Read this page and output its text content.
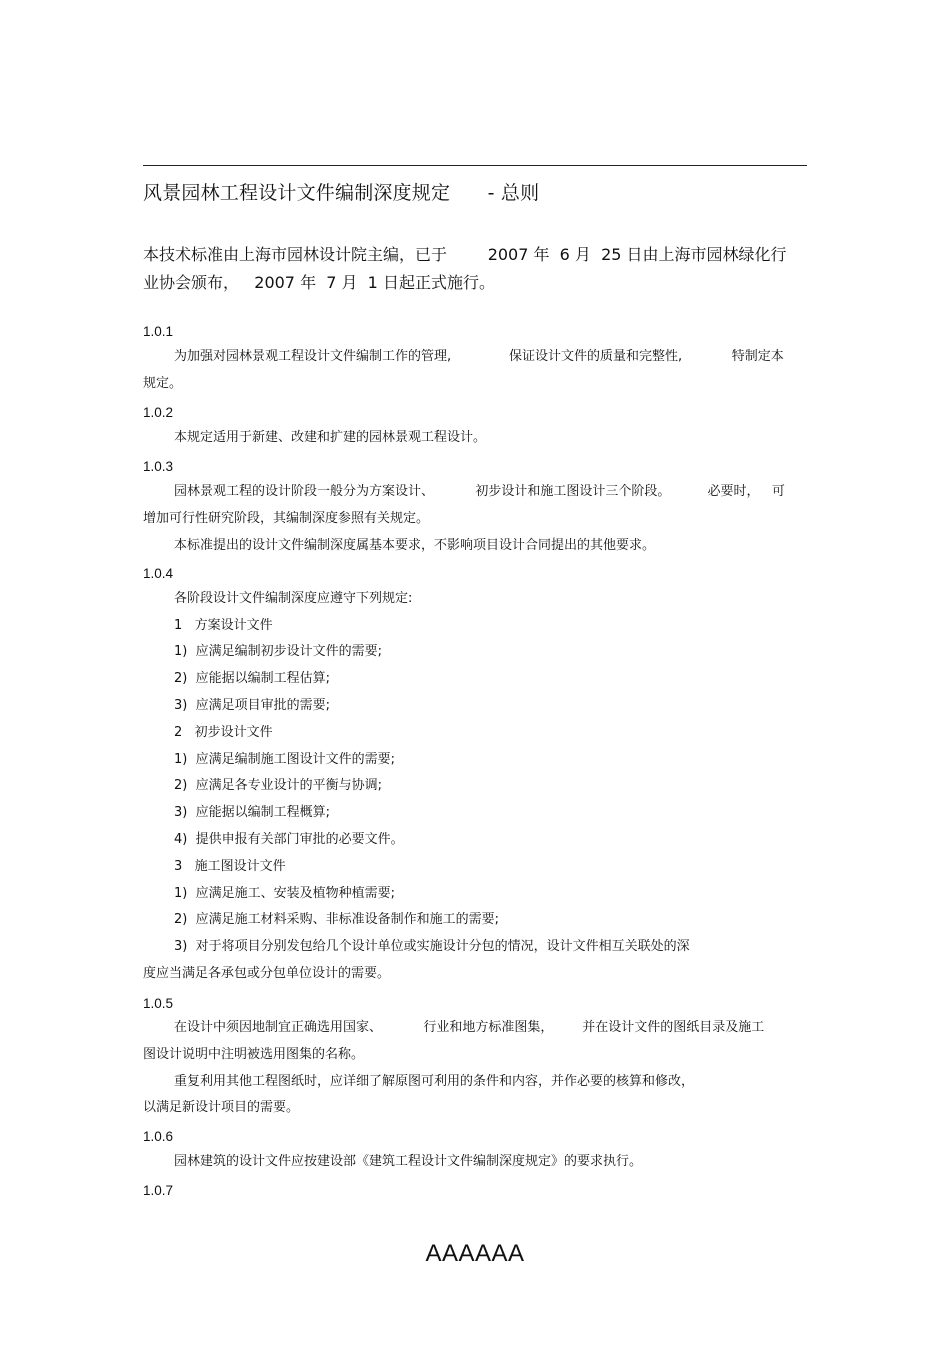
风景园林工程设计文件编制深度规定      - 总则
本技术标准由上海市园林设计院主编，已于        2007 年  6 月  25 日由上海市园林绿化行
业协会颁布，   2007 年  7 月  1 日起正式施行。
1.0.1
为加强对园林景观工程设计文件编制工作的管理,              保证设计文件的质量和完整性,            特制定本
规定。
1.0.2
本规定适用于新建、改建和扩建的园林景观工程设计。
1.0.3
园林景观工程的设计阶段一般分为方案设计、          初步设计和施工图设计三个阶段。         必要时，   可
增加可行性研究阶段，其编制深度参照有关规定。
本标准提出的设计文件编制深度属基本要求，不影响项目设计合同提出的其他要求。
1.0.4
各阶段设计文件编制深度应遵守下列规定:
1   方案设计文件
1)  应满足编制初步设计文件的需要;
2)  应能据以编制工程估算;
3)  应满足项目审批的需要;
2   初步设计文件
1)  应满足编制施工图设计文件的需要;
2)  应满足各专业设计的平衡与协调;
3)  应能据以编制工程概算;
4)  提供申报有关部门审批的必要文件。
3   施工图设计文件
1)  应满足施工、安装及植物种植需要;
2)  应满足施工材料采购、非标准设备制作和施工的需要;
3)  对于将项目分别发包给几个设计单位或实施设计分包的情况，设计文件相互关联处的深
度应当满足各承包或分包单位设计的需要。
1.0.5
在设计中须因地制宜正确选用国家、          行业和地方标准图集，       并在设计文件的图纸目录及施工
图设计说明中注明被选用图集的名称。
重复利用其他工程图纸时，应详细了解原图可利用的条件和内容，并作必要的核算和修改，
以满足新设计项目的需要。
1.0.6
园林建筑的设计文件应按建设部《建筑工程设计文件编制深度规定》的要求执行。
1.0.7
AAAAAA
